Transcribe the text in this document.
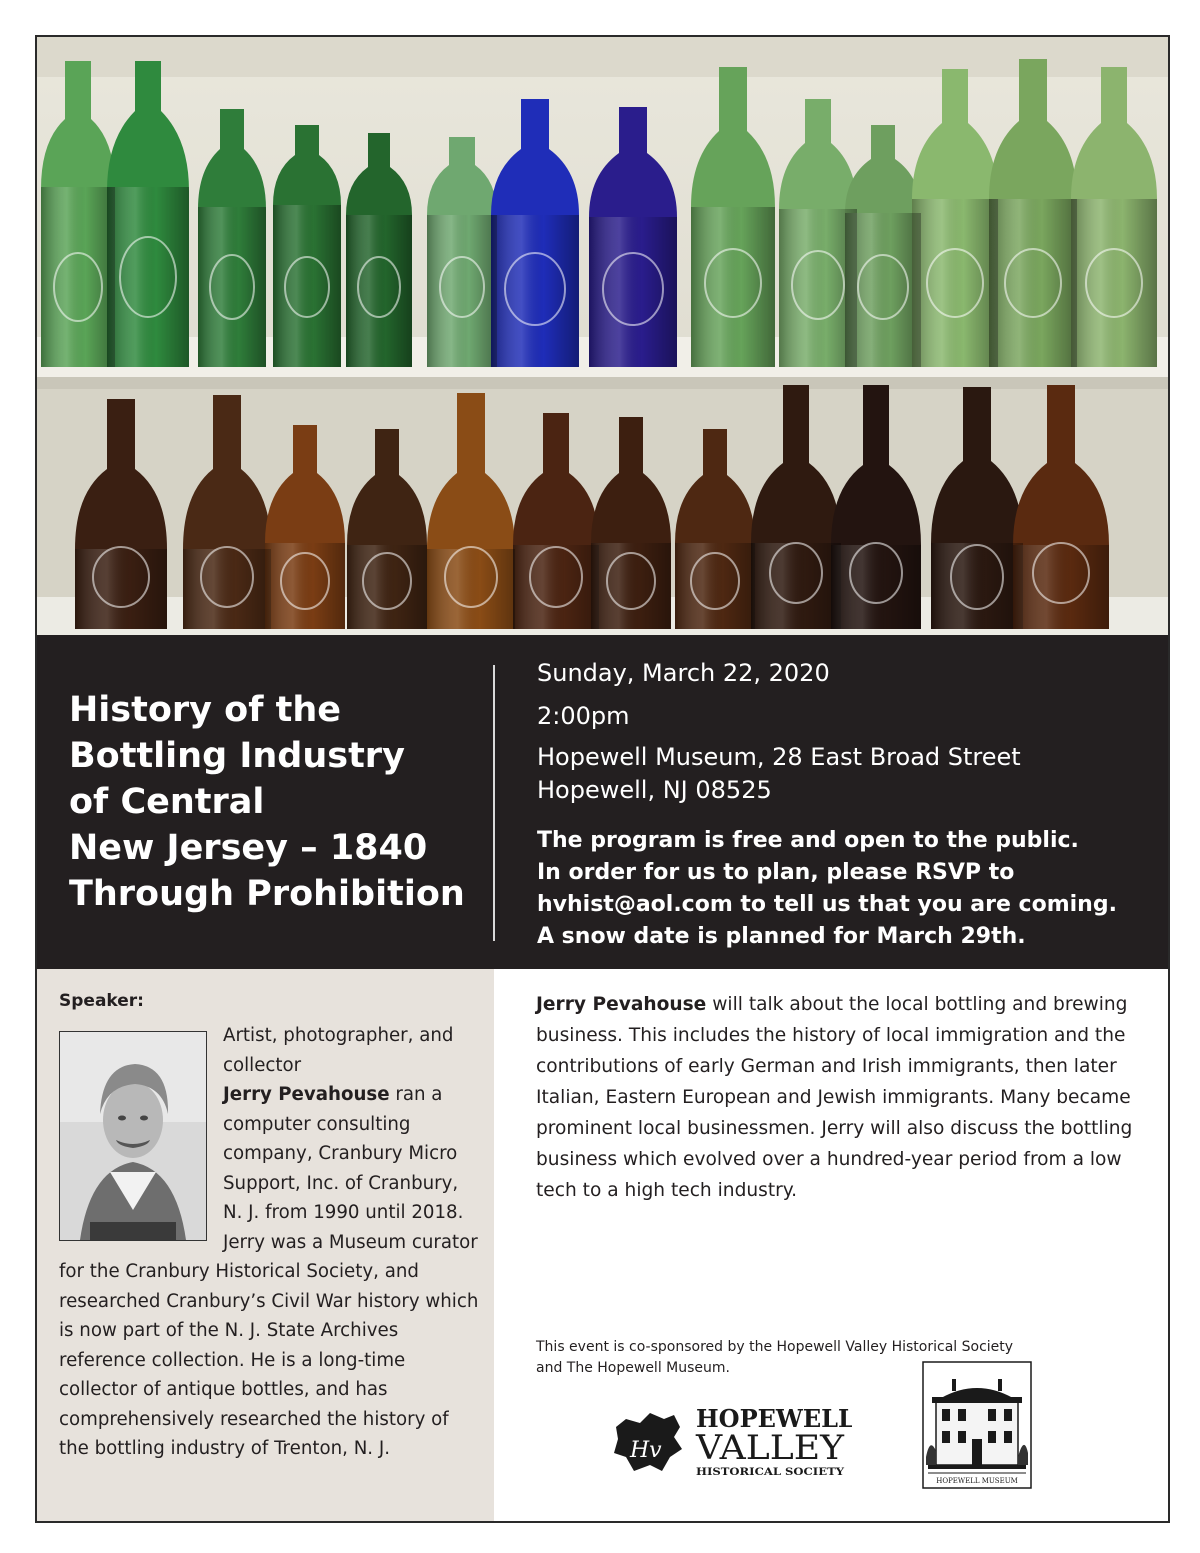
History of the
Bottling Industry
of Central
New Jersey – 1840
Through Prohibition
Sunday, March 22, 2020
2:00pm
Hopewell Museum, 28 East Broad Street
Hopewell, NJ 08525
The program is free and open to the public.
In order for us to plan, please RSVP to
hvhist@aol.com to tell us that you are coming.
A snow date is planned for March 29th.
Speaker:
Artist, photographer, and collector
Jerry Pevahouse ran a computer consulting company, Cranbury Micro Support, Inc. of Cranbury, N. J. from 1990 until 2018. Jerry was a Museum curator for the Cranbury Historical Society, and researched Cranbury’s Civil War history which is now part of the N. J. State Archives reference collection. He is a long-time collector of antique bottles, and has comprehensively researched the history of the bottling industry of Trenton, N. J.
Jerry Pevahouse will talk about the local bottling and brewing business. This includes the history of local immigration and the contributions of early German and Irish immigrants, then later Italian, Eastern European and Jewish immigrants. Many became prominent local businessmen. Jerry will also discuss the bottling business which evolved over a hundred-year period from a low tech to a high tech industry.
This event is co-sponsored by the Hopewell Valley Historical Society
and The Hopewell Museum.
Hv
HOPEWELL
VALLEY
HISTORICAL SOCIETY
HOPEWELL MUSEUM
